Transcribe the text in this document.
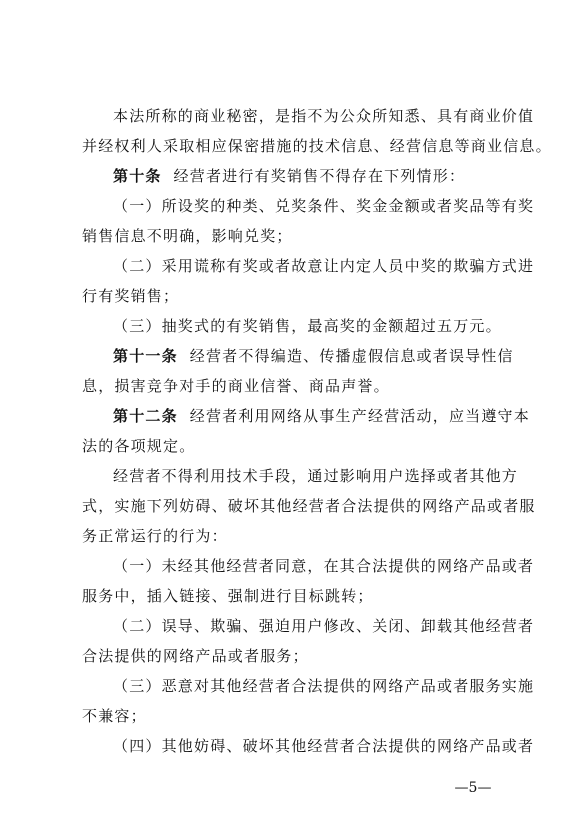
本法所称的商业秘密，是指不为公众所知悉、具有商业价值
并经权利人采取相应保密措施的技术信息、经营信息等商业信息。
第十条 经营者进行有奖销售不得存在下列情形：
（一）所设奖的种类、兑奖条件、奖金金额或者奖品等有奖
销售信息不明确，影响兑奖；
（二）采用谎称有奖或者故意让内定人员中奖的欺骗方式进
行有奖销售；
（三）抽奖式的有奖销售，最高奖的金额超过五万元。
第十一条 经营者不得编造、传播虚假信息或者误导性信
息，损害竞争对手的商业信誉、商品声誉。
第十二条 经营者利用网络从事生产经营活动，应当遵守本
法的各项规定。
经营者不得利用技术手段，通过影响用户选择或者其他方
式，实施下列妨碍、破坏其他经营者合法提供的网络产品或者服
务正常运行的行为：
（一）未经其他经营者同意，在其合法提供的网络产品或者
服务中，插入链接、强制进行目标跳转；
（二）误导、欺骗、强迫用户修改、关闭、卸载其他经营者
合法提供的网络产品或者服务；
（三）恶意对其他经营者合法提供的网络产品或者服务实施
不兼容；
（四）其他妨碍、破坏其他经营者合法提供的网络产品或者
—5—
